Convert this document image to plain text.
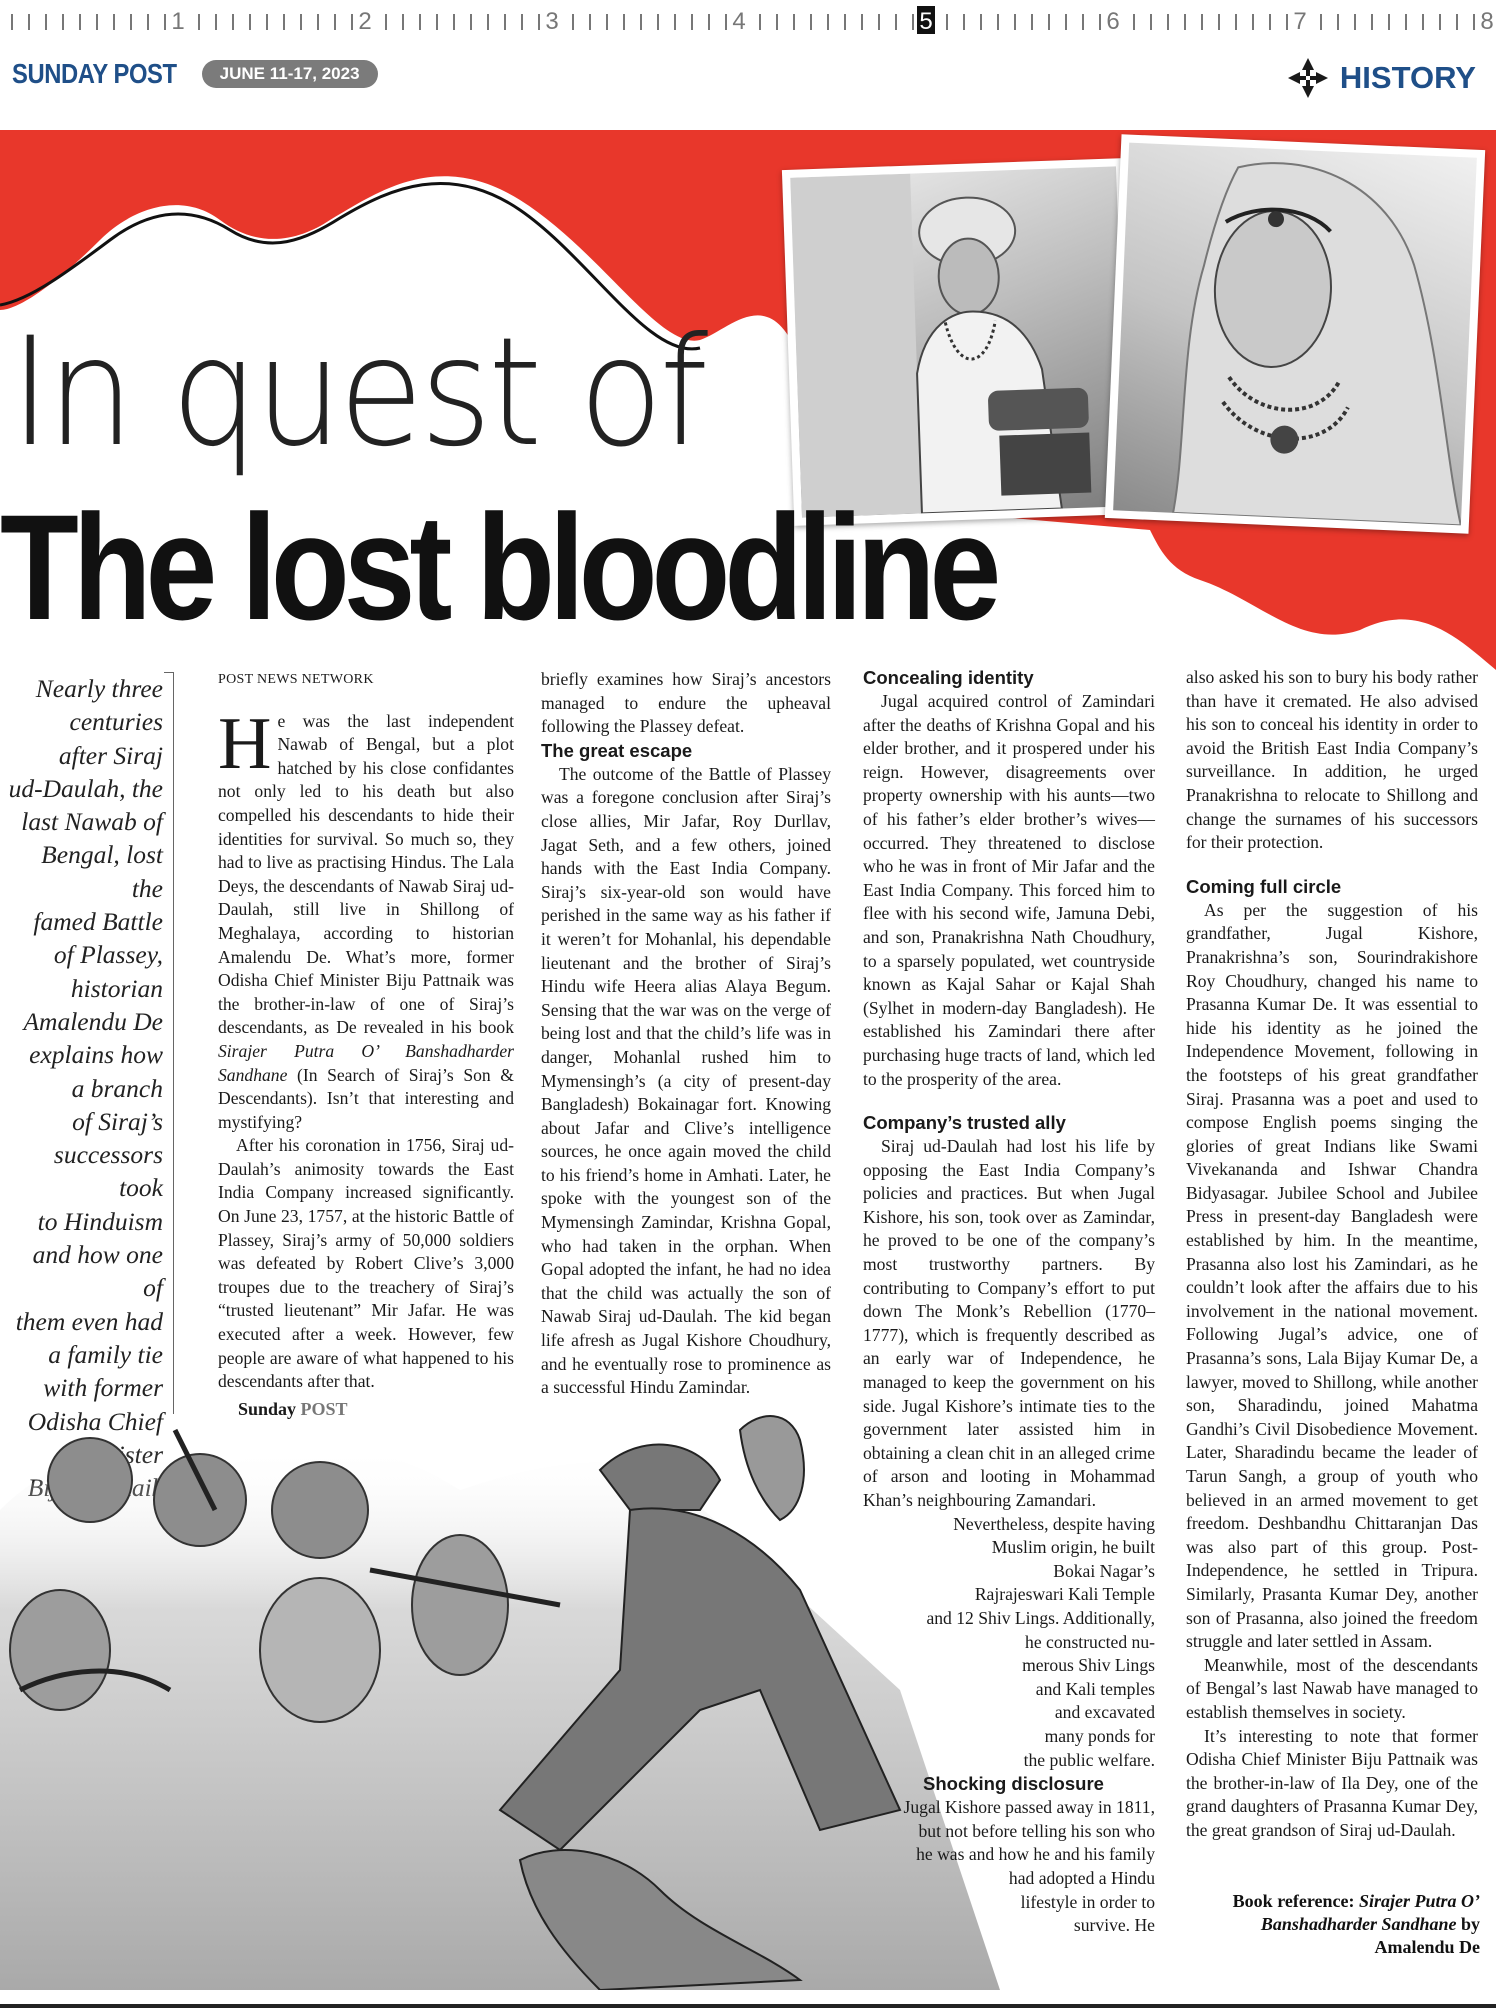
1	2	3	4	5	6	7	8
SUNDAY POST	JUNE 11-17, 2023	HISTORY
In quest of
The lost bloodline
Nearly three
centuries
after Siraj
ud-Daulah, the
last Nawab of
Bengal, lost the
famed Battle
of Plassey,
historian
Amalendu De
explains how
a branch
of Siraj’s
successors took
to Hinduism
and how one of
them even had
a family tie
with former
Odisha Chief

POST NEWS NETWORK

He was the last independent Nawab of Bengal, but a plot hatched by his close confidantes not only led to his death but also compelled his descendants to hide their identities for survival. So much so, they had to live as practising Hindus. The Lala Deys, the descendants of Nawab Siraj ud-Daulah, still live in Shillong of Meghalaya, according to historian Amalendu De. What’s more, former Odisha Chief Minister Biju Pattnaik was the brother-in-law of one of Siraj’s descendants, as De revealed in his book Sirajer Putra O’ Banshadharder Sandhane (In Search of Siraj’s Son & Descendants). Isn’t that interesting and mystifying?

After his coronation in 1756, Siraj ud-Daulah’s animosity towards the East India Company increased significantly. On June 23, 1757, at the historic Battle of Plassey, Siraj’s army of 50,000 soldiers was defeated by Robert Clive’s 3,000 troupes due to the treachery of Siraj’s “trusted lieutenant” Mir Jafar. He was executed after a week. However, few people are aware of what happened to his descendants after that.

Sunday POST

briefly examines how Siraj’s ancestors managed to endure the upheaval following the Plassey defeat.

The great escape

The outcome of the Battle of Plassey was a foregone conclusion after Siraj’s close allies, Mir Jafar, Roy Durllav, Jagat Seth, and a few others, joined hands with the East India Company. Siraj’s six-year-old son would have perished in the same way as his father if it weren’t for Mohanlal, his dependable lieutenant and the brother of Siraj’s Hindu wife Heera alias Alaya Begum. Sensing that the war was on the verge of being lost and that the child’s life was in danger, Mohanlal rushed him to Mymensingh’s (a city of present-day Bangladesh) Bokainagar fort. Knowing about Jafar and Clive’s intelligence sources, he once again moved the child to his friend’s home in Amhati. Later, he spoke with the youngest son of the Mymensingh Zamindar, Krishna Gopal, who had taken in the orphan. When Gopal adopted the infant, he had no idea that the child was actually the son of Nawab Siraj ud-Daulah. The kid began life afresh as Jugal Kishore Choudhury, and he eventually rose to prominence as a successful Hindu Zamindar.

Concealing identity

Jugal acquired control of Zamindari after the deaths of Krishna Gopal and his elder brother, and it prospered under his reign. However, disagreements over property ownership with his aunts—two of his father’s elder brother’s wives—occurred. They threatened to disclose who he was in front of Mir Jafar and the East India Company. This forced him to flee with his second wife, Jamuna Debi, and son, Pranakrishna Nath Choudhury, to a sparsely populated, wet countryside known as Kajal Sahar or Kajal Shah (Sylhet in modern-day Bangladesh). He established his Zamindari there after purchasing huge tracts of land, which led to the prosperity of the area.

Company’s trusted ally

Siraj ud-Daulah had lost his life by opposing the East India Company’s policies and practices. But when Jugal Kishore, his son, took over as Zamindar, he proved to be one of the company’s most trustworthy partners. By contributing to Company’s effort to put down The Monk’s Rebellion (1770–1777), which is frequently described as an early war of Independence, he managed to keep the government on his side. Jugal Kishore’s intimate ties to the government later assisted him in obtaining a clean chit in an alleged crime of arson and looting in Mohammad Khan’s neighbouring Zamandari.

Nevertheless, despite having
Muslim origin, he built
Bokai Nagar’s
Rajrajeswari Kali Temple
and 12 Shiv Lings. Additionally,
he constructed nu-
merous Shiv Lings
and Kali temples
and excavated
many ponds for
the public welfare.

Shocking disclosure

Jugal Kishore passed away in 1811,
but not before telling his son who
he was and how he and his family
had adopted a Hindu
lifestyle in order to
survive. He

also asked his son to bury his body rather than have it cremated. He also advised his son to conceal his identity in order to avoid the British East India Company’s surveillance. In addition, he urged Pranakrishna to relocate to Shillong and change the surnames of his successors for their protection.

Coming full circle

As per the suggestion of his grandfather, Jugal Kishore, Pranakrishna’s son, Sourindrakishore Roy Choudhury, changed his name to Prasanna Kumar De. It was essential to hide his identity as he joined the Independence Movement, following in the footsteps of his great grandfather Siraj. Prasanna was a poet and used to compose English poems singing the glories of great Indians like Swami Vivekananda and Ishwar Chandra Bidyasagar. Jubilee School and Jubilee Press in present-day Bangladesh were established by him. In the meantime, Prasanna also lost his Zamindari, as he couldn’t look after the affairs due to his involvement in the national movement. Following Jugal’s advice, one of Prasanna’s sons, Lala Bijay Kumar De, a lawyer, moved to Shillong, while another son, Sharadindu, joined Mahatma Gandhi’s Civil Disobedience Movement. Later, Sharadindu became the leader of Tarun Sangh, a group of youth who believed in an armed movement to get freedom. Deshbandhu Chittaranjan Das was also part of this group. Post-Independence, he settled in Tripura. Similarly, Prasanta Kumar Dey, another son of Prasanna, also joined the freedom struggle and later settled in Assam.

Meanwhile, most of the descendants of Bengal’s last Nawab have managed to establish themselves in society.

It’s interesting to note that former Odisha Chief Minister Biju Pattnaik was the brother-in-law of Ila Dey, one of the grand daughters of Prasanna Kumar Dey, the great grandson of Siraj ud-Daulah.

Book reference: Sirajer Putra O’ Banshadharder Sandhane by Amalendu De
